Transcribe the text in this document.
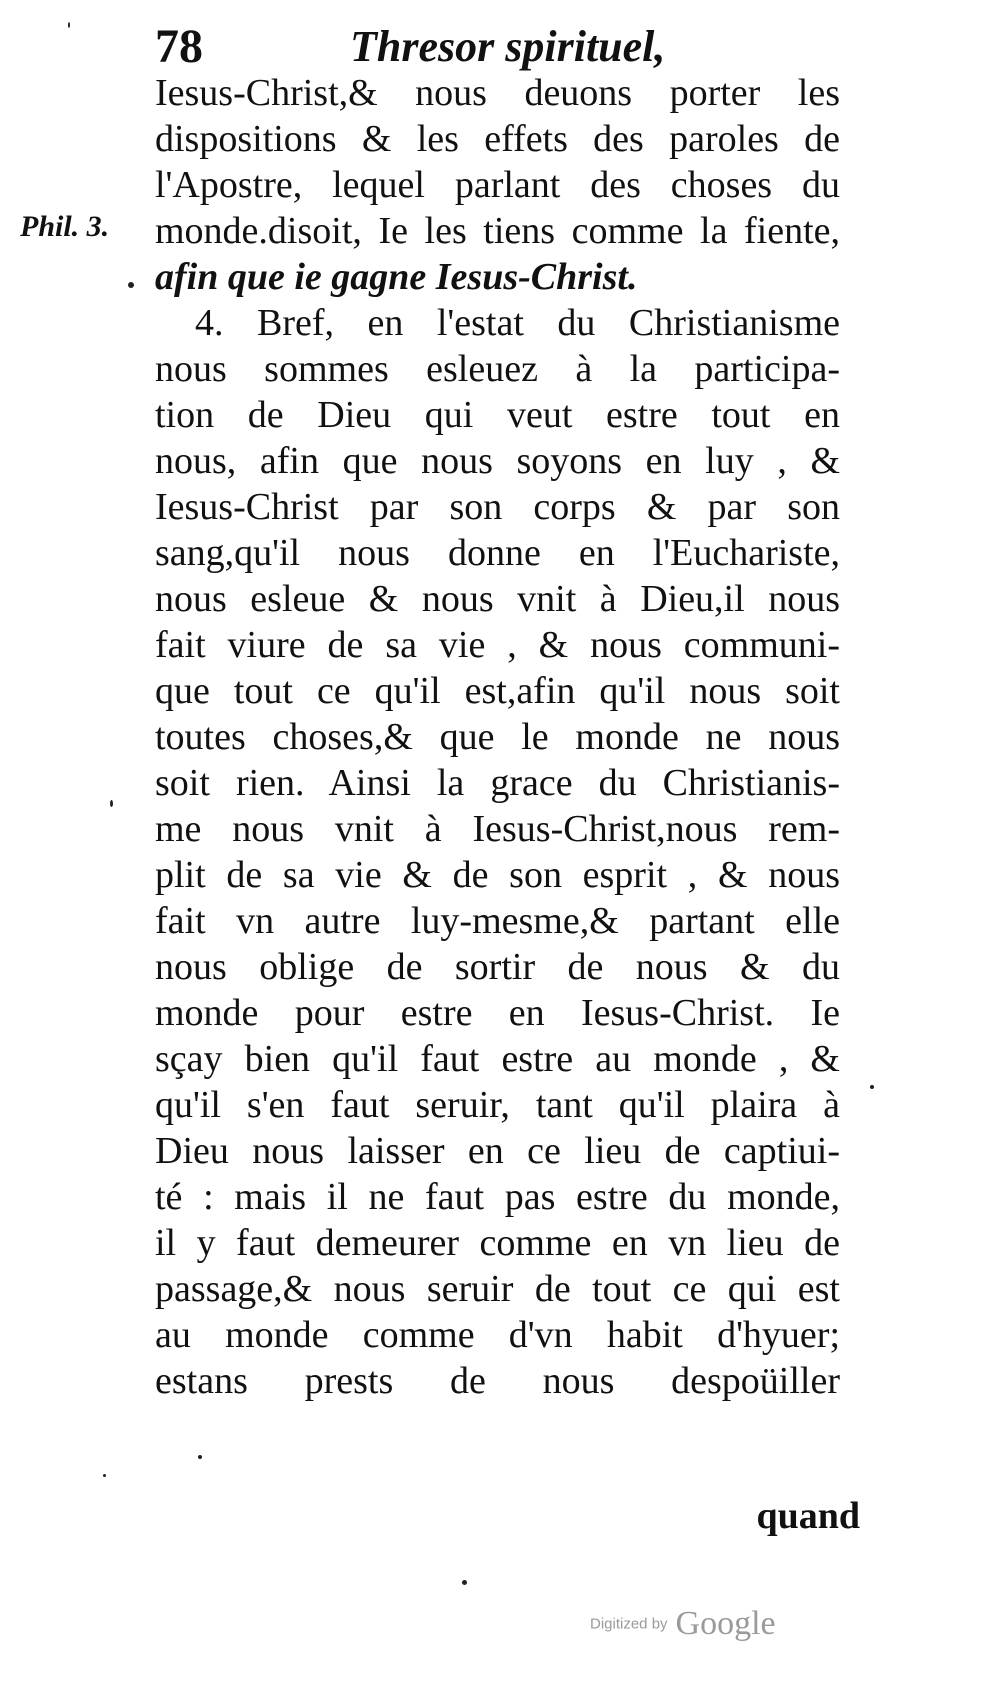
78	Thresor spirituel,
Phil. 3.
Iesus-Christ,& nous deuons porter les
dispositions & les effets des paroles de
l'Apostre, lequel parlant des choses du
monde.disoit, Ie les tiens comme la fiente,
afin que ie gagne Iesus-Christ.
4. Bref, en l'estat du Christianisme
nous sommes esleuez à la participa-
tion de Dieu qui veut estre tout en
nous, afin que nous soyons en luy , &
Iesus-Christ par son corps & par son
sang,qu'il nous donne en l'Euchariste,
nous esleue & nous vnit à Dieu,il nous
fait viure de sa vie , & nous communi-
que tout ce qu'il est,afin qu'il nous soit
toutes choses,& que le monde ne nous
soit rien. Ainsi la grace du Christianis-
me nous vnit à Iesus-Christ,nous rem-
plit de sa vie & de son esprit , & nous
fait vn autre luy-mesme,& partant elle
nous oblige de sortir de nous & du
monde pour estre en Iesus-Christ. Ie
sçay bien qu'il faut estre au monde , &
qu'il s'en faut seruir, tant qu'il plaira à
Dieu nous laisser en ce lieu de captiui-
té : mais il ne faut pas estre du monde,
il y faut demeurer comme en vn lieu de
passage,& nous seruir de tout ce qui est
au monde comme d'vn habit d'hyuer;
estans prests de nous despoüiller
quand
Digitized by Google
